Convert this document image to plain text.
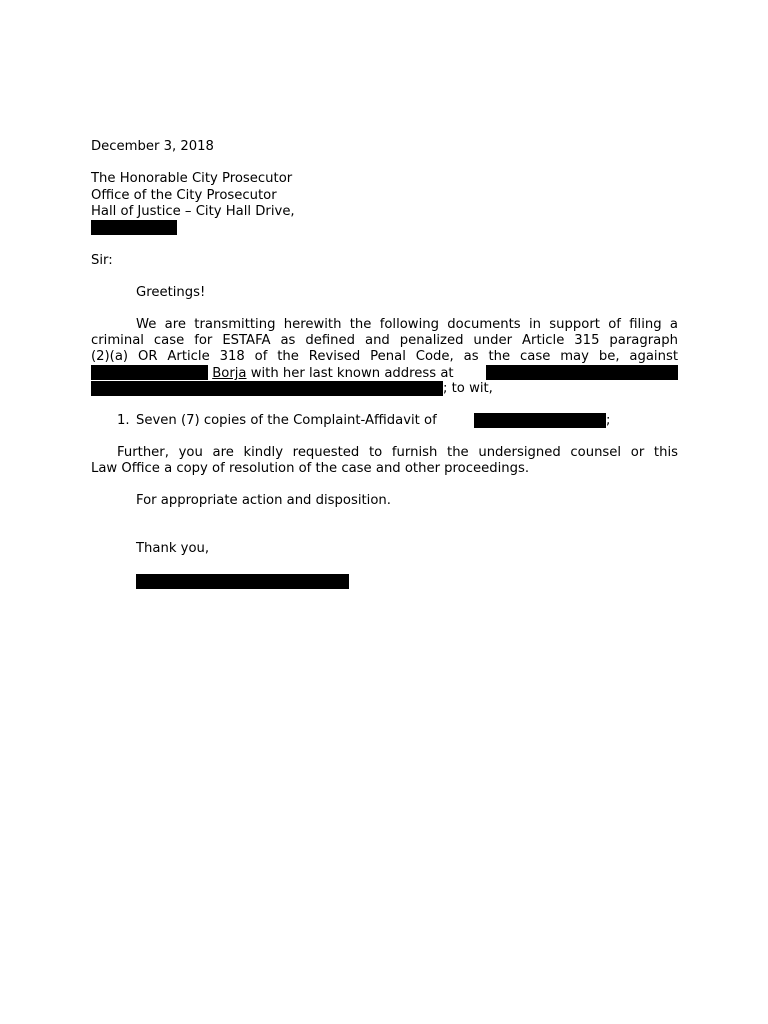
December 3, 2018
The Honorable City Prosecutor
Office of the City Prosecutor
Hall of Justice – City Hall Drive,
Sir:
Greetings!
We are transmitting herewith the following documents in support of filing a
criminal case for ESTAFA as defined and penalized under Article 315 paragraph
(2)(a) OR Article 318 of the Revised Penal Code, as the case may be, against
Borja with her last known address at
; to wit,
1. Seven (7) copies of the Complaint-Affidavit of	;
Further, you are kindly requested to furnish the undersigned counsel or this
Law Office a copy of resolution of the case and other proceedings.
For appropriate action and disposition.
Thank you,
